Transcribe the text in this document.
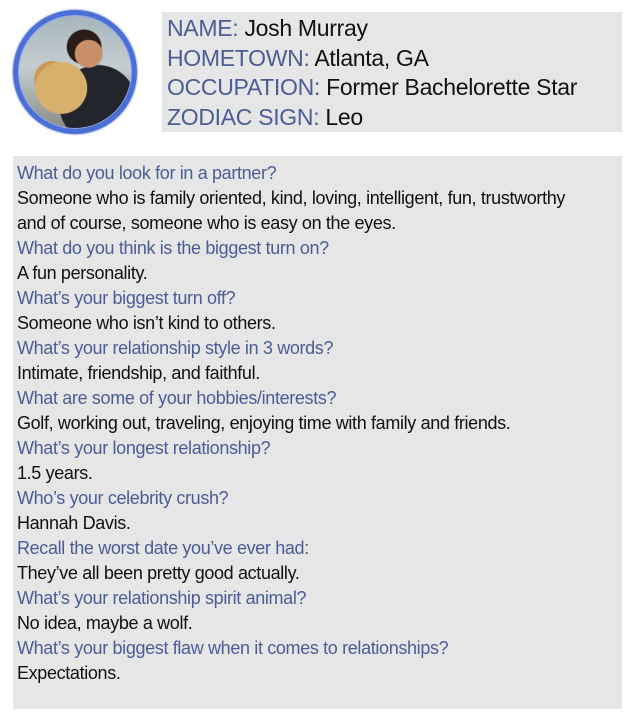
NAME: Josh Murray
HOMETOWN: Atlanta, GA
OCCUPATION: Former Bachelorette Star
ZODIAC SIGN: Leo
What do you look for in a partner?
Someone who is family oriented, kind, loving, intelligent, fun, trustworthy
and of course, someone who is easy on the eyes.
What do you think is the biggest turn on?
A fun personality.
What’s your biggest turn off?
Someone who isn’t kind to others.
What’s your relationship style in 3 words?
Intimate, friendship, and faithful.
What are some of your hobbies/interests?
Golf, working out, traveling, enjoying time with family and friends.
What’s your longest relationship?
1.5 years.
Who’s your celebrity crush?
Hannah Davis.
Recall the worst date you’ve ever had:
They’ve all been pretty good actually.
What’s your relationship spirit animal?
No idea, maybe a wolf.
What’s your biggest flaw when it comes to relationships?
Expectations.
